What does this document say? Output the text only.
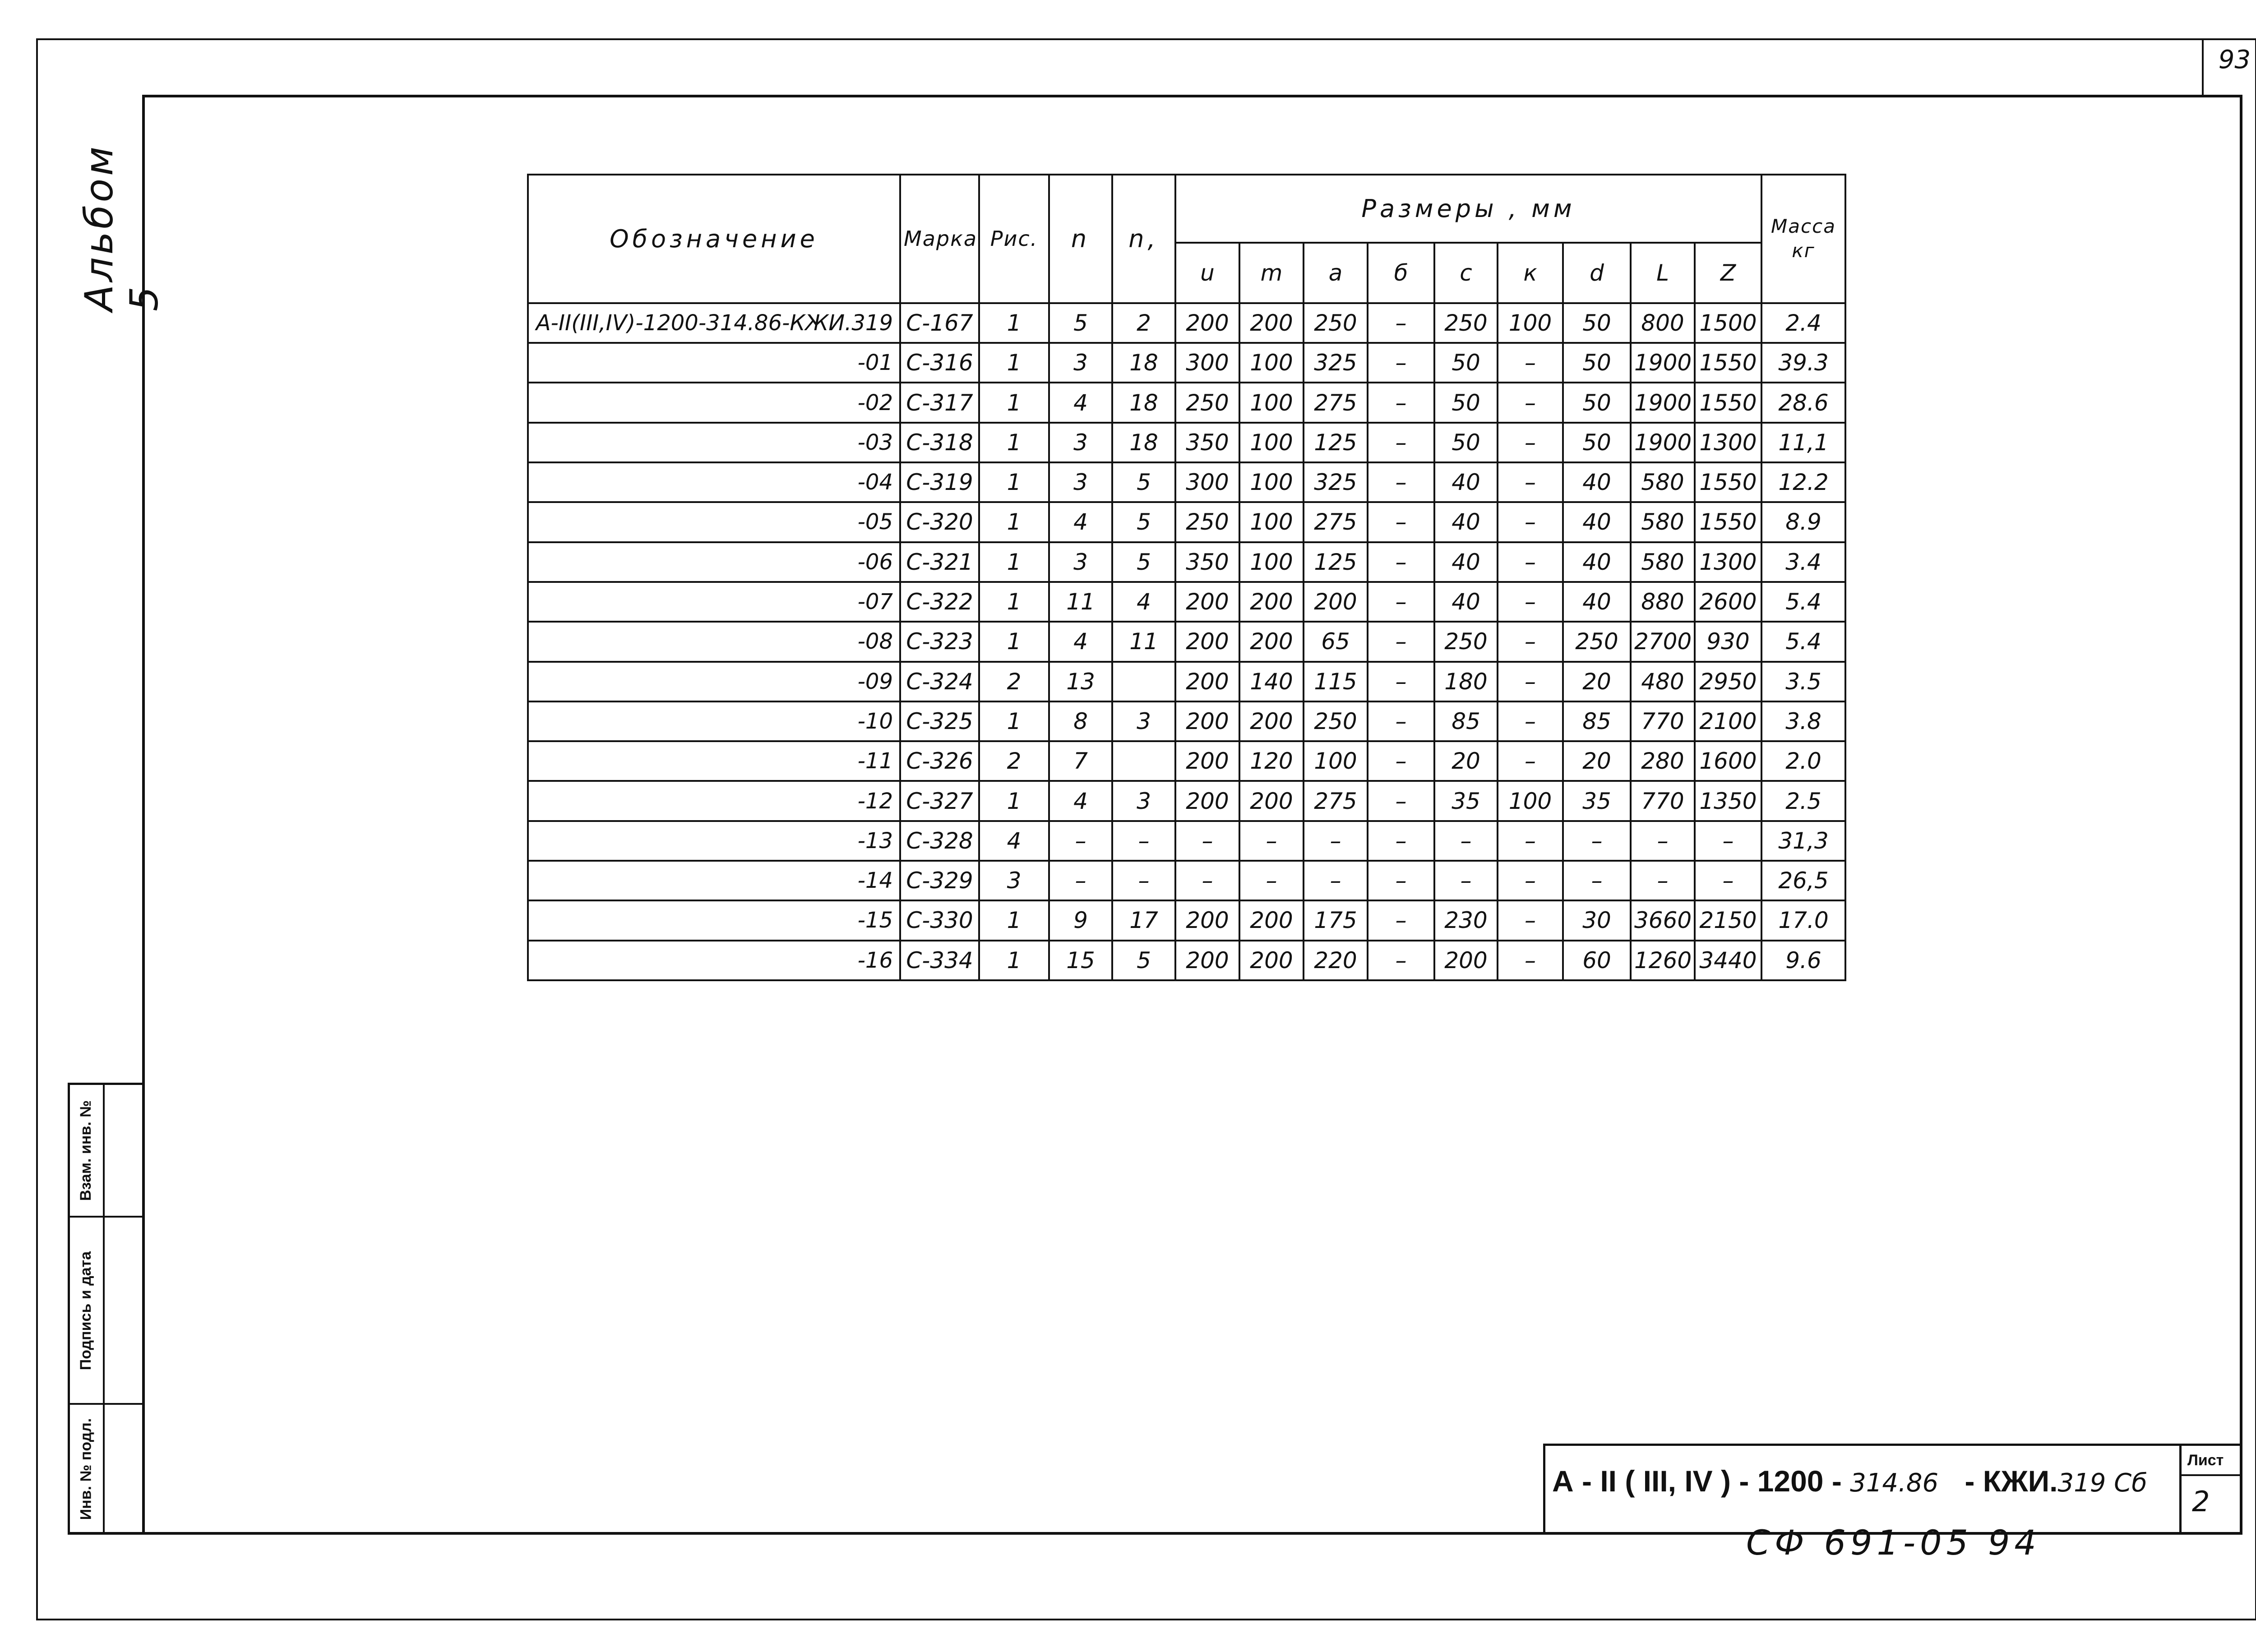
93
Альбом 5
Обозначение	Марка	Рис.	n	n,	Размеры , мм									Масса кг
					u	m	a	б	c	к	d	L	Z	
А-II(III,IV)-1200-314.86-КЖИ.319	С-167	1	5	2	200	200	250	–	250	100	50	800	1500	2.4
-01	С-316	1	3	18	300	100	325	–	50	–	50	1900	1550	39.3
-02	С-317	1	4	18	250	100	275	–	50	–	50	1900	1550	28.6
-03	С-318	1	3	18	350	100	125	–	50	–	50	1900	1300	11,1
-04	С-319	1	3	5	300	100	325	–	40	–	40	580	1550	12.2
-05	С-320	1	4	5	250	100	275	–	40	–	40	580	1550	8.9
-06	С-321	1	3	5	350	100	125	–	40	–	40	580	1300	3.4
-07	С-322	1	11	4	200	200	200	–	40	–	40	880	2600	5.4
-08	С-323	1	4	11	200	200	65	–	250	–	250	2700	930	5.4
-09	С-324	2	13		200	140	115	–	180	–	20	480	2950	3.5
-10	С-325	1	8	3	200	200	250	–	85	–	85	770	2100	3.8
-11	С-326	2	7		200	120	100	–	20	–	20	280	1600	2.0
-12	С-327	1	4	3	200	200	275	–	35	100	35	770	1350	2.5
-13	С-328	4	–	–	–	–	–	–	–	–	–	–	–	31,3
-14	С-329	3	–	–	–	–	–	–	–	–	–	–	–	26,5
-15	С-330	1	9	17	200	200	175	–	230	–	30	3660	2150	17.0
-16	С-334	1	15	5	200	200	220	–	200	–	60	1260	3440	9.6
Взам. инв. №
Подпись и дата
Инв. № подл.	А - II ( III, IV ) - 1200 - 314.86 - КЖИ.319 Сб
Лист
2
СФ 691-05 94
